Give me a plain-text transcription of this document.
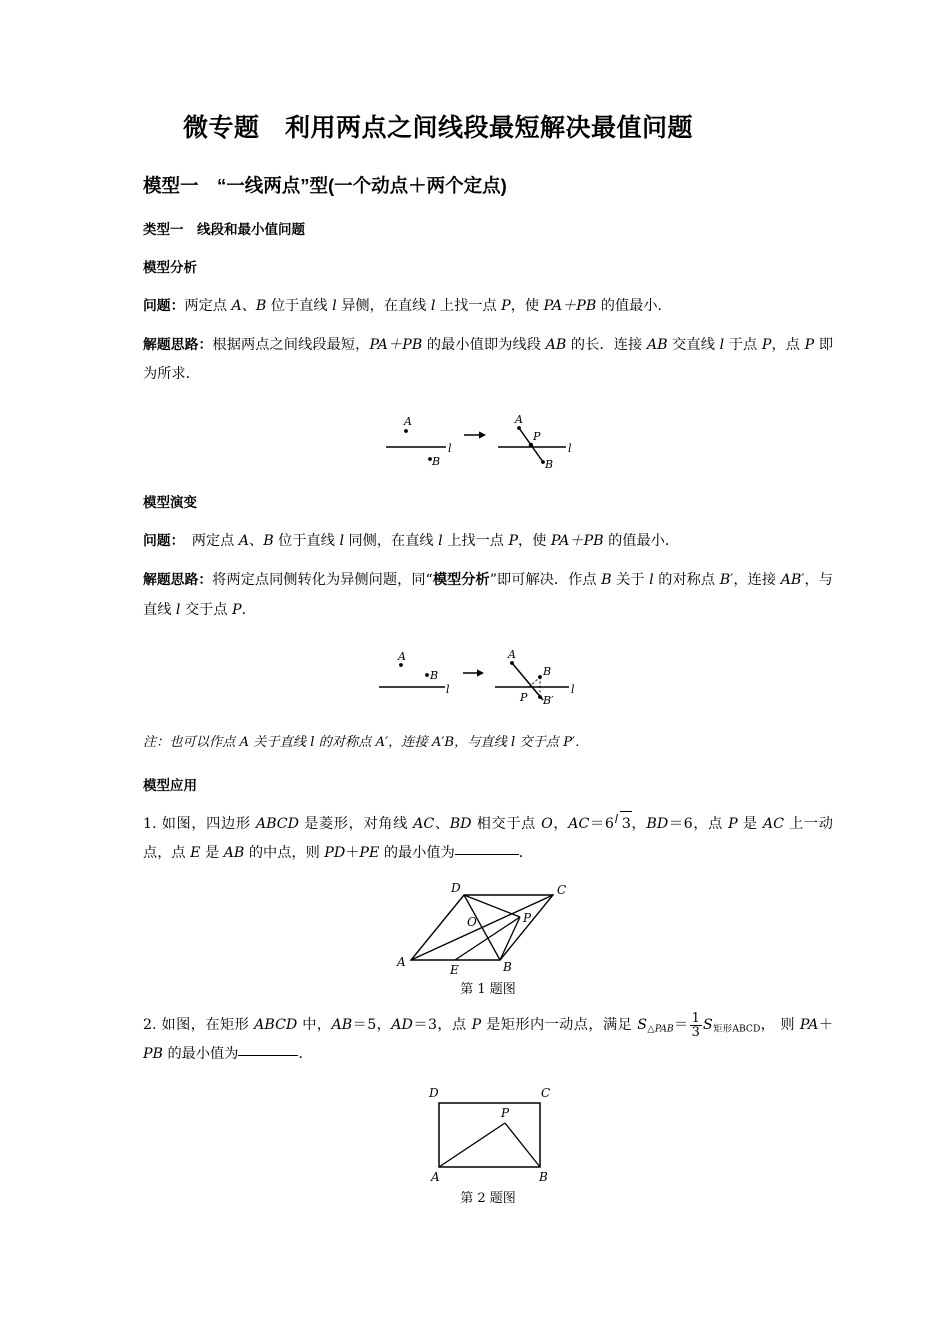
微专题　利用两点之间线段最短解决最值问题
模型一　“一线两点”型(一个动点＋两个定点)
类型一　线段和最小值问题
模型分析

问题：两定点 A、B 位于直线 l 异侧，在直线 l 上找一点 P，使 PA＋PB 的值最小．

解题思路：根据两点之间线段最短，PA＋PB 的最小值即为线段 AB 的长．连接 AB 交直线 l 于点 P，点 P 即为所求．

A
l
B
l
A
P
B
模型演变

问题：　两定点 A、B 位于直线 l 同侧，在直线 l 上找一点 P，使 PA＋PB 的值最小．

解题思路：将两定点同侧转化为异侧问题，同“模型分析”即可解决．作点 B 关于 l 的对称点 B′，连接 AB′，与直线 l 交于点 P．

l
A
B
l
A
B
B′
P

注：也可以作点 A 关于直线 l 的对称点 A′，连接 A′B，与直线 l 交于点 P′．

模型应用

1. 如图，四边形 ABCD 是菱形，对角线 AC、BD 相交于点 O，AC＝6 3，BD＝6，点 P 是 AC 上一动点，点 E 是 AB 的中点，则 PD＋PE 的最小值为	．

D	C
O	P
A
E	B
第 1 题图

2. 如图，在矩形 ABCD 中，AB＝5，AD＝3，点 P 是矩形内一动点，满足 $S_{\triangle PAB}= \frac{1}{3} S_{矩形ABCD}$， 则 PA＋PB 的最小值为	．

D	C
P
A	B
第 2 题图
